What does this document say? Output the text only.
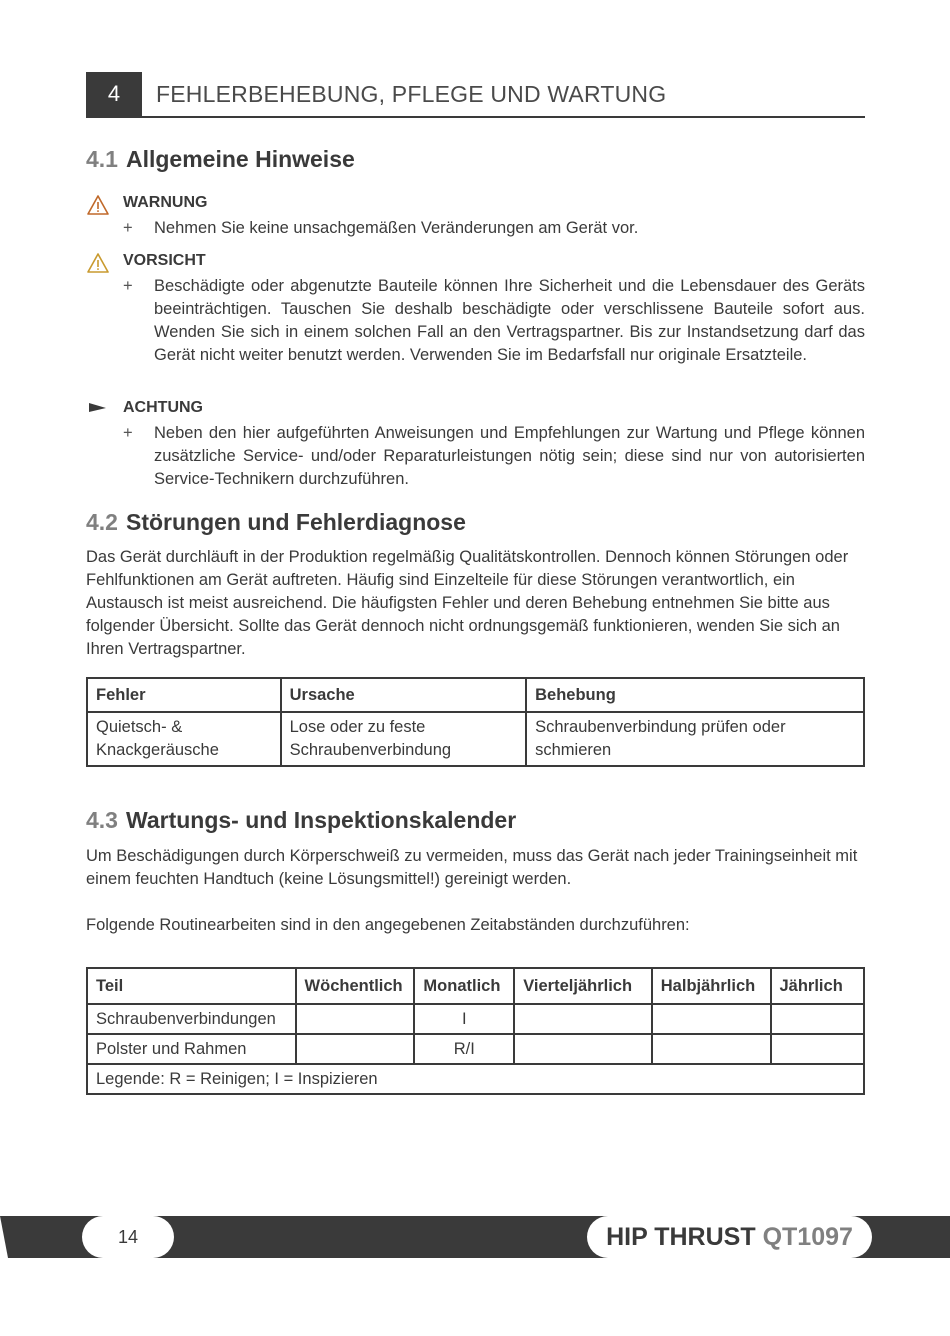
4	FEHLERBEHEBUNG, PFLEGE UND WARTUNG
4.1 Allgemeine Hinweise
WARNUNG
+ Nehmen Sie keine unsachgemäßen Veränderungen am Gerät vor.
VORSICHT
+ Beschädigte oder abgenutzte Bauteile können Ihre Sicherheit und die Lebensdauer des Geräts beeinträchtigen. Tauschen Sie deshalb beschädigte oder verschlissene Bauteile sofort aus. Wenden Sie sich in einem solchen Fall an den Vertragspartner. Bis zur Instandsetzung darf das Gerät nicht weiter benutzt werden. Verwenden Sie im Bedarfsfall nur originale Ersatzteile.
ACHTUNG
+ Neben den hier aufgeführten Anweisungen und Empfehlungen zur Wartung und Pflege können zusätzliche Service- und/oder Reparaturleistungen nötig sein; diese sind nur von autorisierten Service-Technikern durchzuführen.
4.2 Störungen und Fehlerdiagnose
Das Gerät durchläuft in der Produktion regelmäßig Qualitätskontrollen. Dennoch können Störungen oder Fehlfunktionen am Gerät auftreten. Häufig sind Einzelteile für diese Störungen verantwortlich, ein Austausch ist meist ausreichend. Die häufigsten Fehler und deren Behebung entnehmen Sie bitte aus folgender Übersicht. Sollte das Gerät dennoch nicht ordnungsgemäß funktionieren, wenden Sie sich an Ihren Vertragspartner.
Fehler	Ursache	Behebung
Quietsch- & Knackgeräusche	Lose oder zu feste Schraubenverbindung	Schraubenverbindung prüfen oder schmieren
4.3 Wartungs- und Inspektionskalender
Um Beschädigungen durch Körperschweiß zu vermeiden, muss das Gerät nach jeder Trainingseinheit mit einem feuchten Handtuch (keine Lösungsmittel!) gereinigt werden.
Folgende Routinearbeiten sind in den angegebenen Zeitabständen durchzuführen:
Teil	Wöchentlich	Monatlich	Vierteljährlich	Halbjährlich	Jährlich
Schraubenverbindungen		I			
Polster und Rahmen		R/I			
Legende: R = Reinigen; I = Inspizieren					
14	HIP THRUST QT1097
